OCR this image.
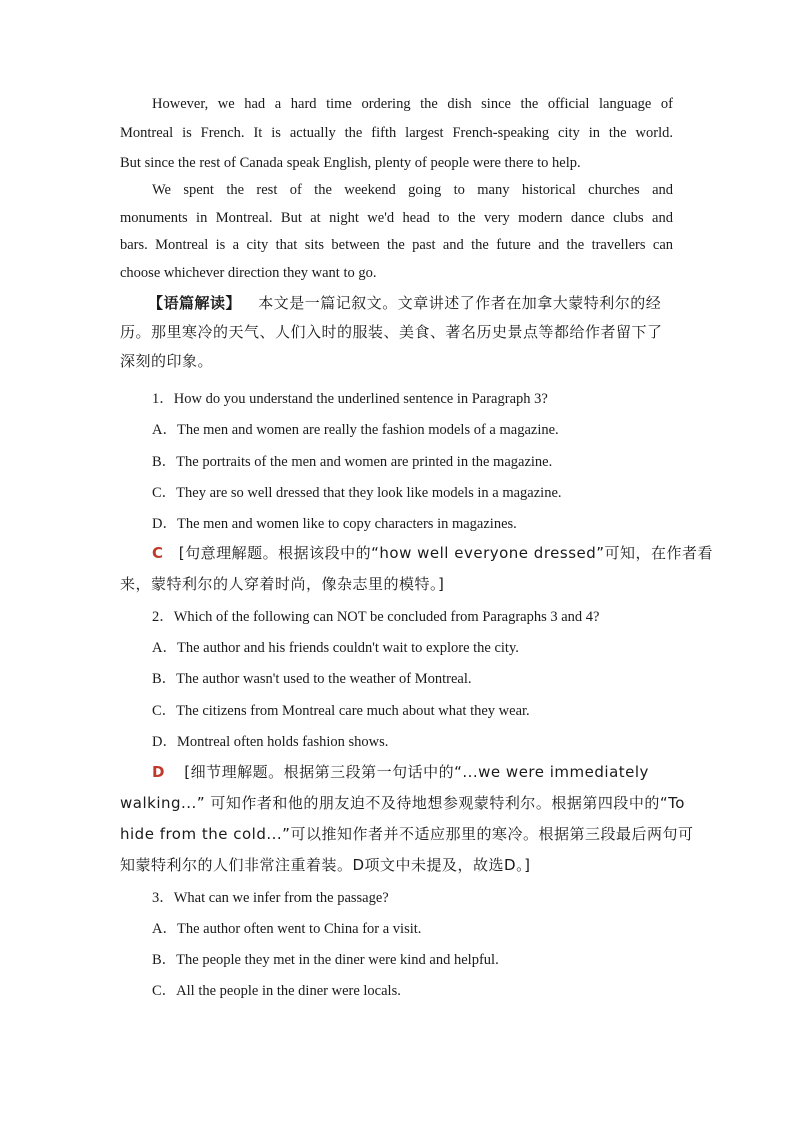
However, we had a hard time ordering the dish since the official language of
Montreal is French. It is actually the fifth largest French-speaking city in the world.
But since the rest of Canada speak English, plenty of people were there to help.
We spent the rest of the weekend going to many historical churches and
monuments in Montreal. But at night we'd head to the very modern dance clubs and
bars. Montreal is a city that sits between the past and the future and the travellers can
choose whichever direction they want to go.
【语篇解读】 本文是一篇记叙文。文章讲述了作者在加拿大蒙特利尔的经
历。那里寒冷的天气、人们入时的服装、美食、著名历史景点等都给作者留下了
深刻的印象。
1．How do you understand the underlined sentence in Paragraph 3?
A．The men and women are really the fashion models of a magazine.
B．The portraits of the men and women are printed in the magazine.
C．They are so well dressed that they look like models in a magazine.
D．The men and women like to copy characters in magazines.
C [句意理解题。根据该段中的“how well everyone dressed”可知，在作者看
来，蒙特利尔的人穿着时尚，像杂志里的模特。]
2．Which of the following can NOT be concluded from Paragraphs 3 and 4?
A．The author and his friends couldn't wait to explore the city.
B．The author wasn't used to the weather of Montreal.
C．The citizens from Montreal care much about what they wear.
D．Montreal often holds fashion shows.
D [细节理解题。根据第三段第一句话中的“...we were immediately
walking...” 可知作者和他的朋友迫不及待地想参观蒙特利尔。根据第四段中的“To
hide from the cold...”可以推知作者并不适应那里的寒冷。根据第三段最后两句可
知蒙特利尔的人们非常注重着装。D项文中未提及，故选D。]
3．What can we infer from the passage?
A．The author often went to China for a visit.
B．The people they met in the diner were kind and helpful.
C．All the people in the diner were locals.
